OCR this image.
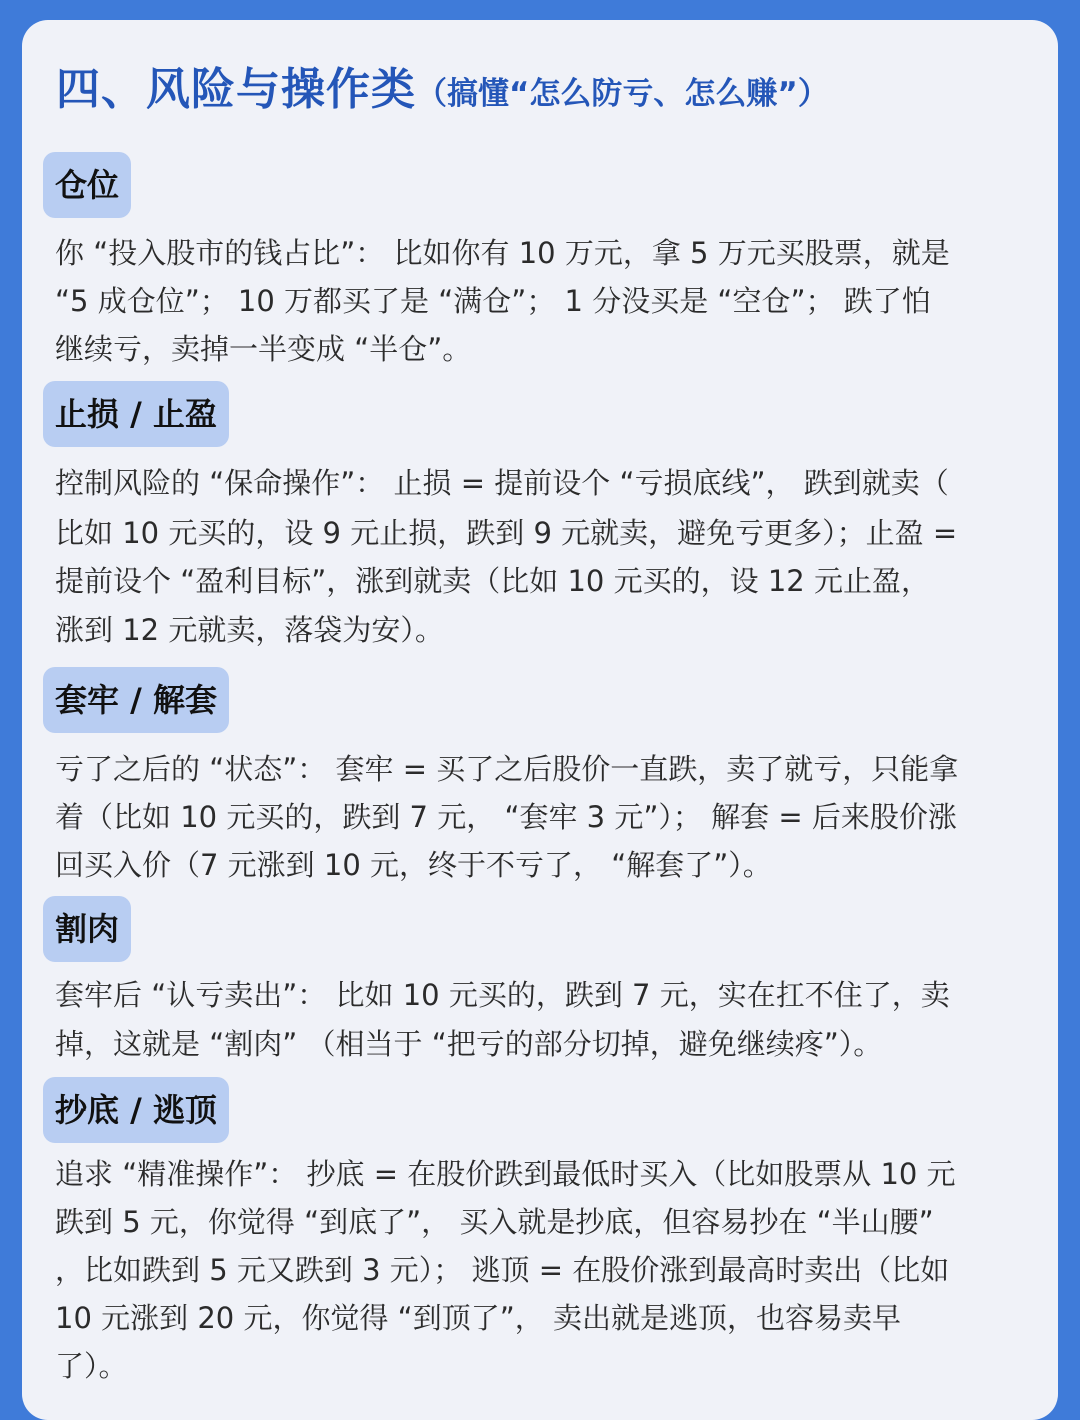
四、风险与操作类（搞懂“怎么防亏、怎么赚”）
仓位
你 “投入股市的钱占比”： 比如你有 10 万元，拿 5 万元买股票，就是
“5 成仓位”； 10 万都买了是 “满仓”； 1 分没买是 “空仓”； 跌了怕
继续亏，卖掉一半变成 “半仓”。
止损 / 止盈
控制风险的 “保命操作”： 止损 = 提前设个 “亏损底线”， 跌到就卖（
比如 10 元买的，设 9 元止损，跌到 9 元就卖，避免亏更多）；止盈 =
提前设个 “盈利目标”，涨到就卖（比如 10 元买的，设 12 元止盈，
涨到 12 元就卖，落袋为安）。
套牢 / 解套
亏了之后的 “状态”： 套牢 = 买了之后股价一直跌，卖了就亏，只能拿
着（比如 10 元买的，跌到 7 元， “套牢 3 元”）； 解套 = 后来股价涨
回买入价（7 元涨到 10 元，终于不亏了， “解套了”）。
割肉
套牢后 “认亏卖出”： 比如 10 元买的，跌到 7 元，实在扛不住了，卖
掉，这就是 “割肉” （相当于 “把亏的部分切掉，避免继续疼”）。
抄底 / 逃顶
追求 “精准操作”： 抄底 = 在股价跌到最低时买入（比如股票从 10 元
跌到 5 元，你觉得 “到底了”， 买入就是抄底，但容易抄在 “半山腰”
，比如跌到 5 元又跌到 3 元）； 逃顶 = 在股价涨到最高时卖出（比如
10 元涨到 20 元，你觉得 “到顶了”， 卖出就是逃顶，也容易卖早
了）。
